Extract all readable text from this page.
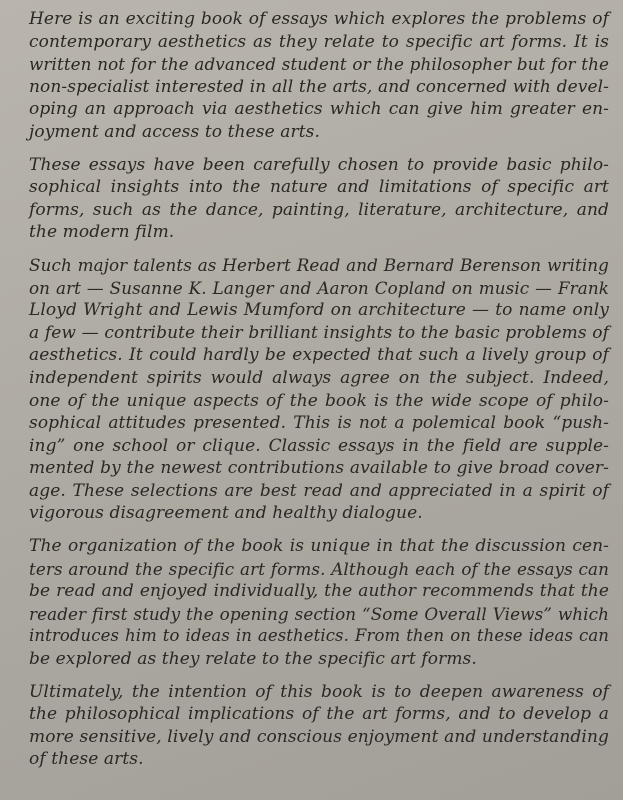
Here is an exciting book of essays which explores the problems of
contemporary aesthetics as they relate to specific art forms. It is
written not for the advanced student or the philosopher but for the
non-specialist interested in all the arts, and concerned with devel-
oping an approach via aesthetics which can give him greater en-
joyment and access to these arts.

These essays have been carefully chosen to provide basic philo-
sophical insights into the nature and limitations of specific art
forms, such as the dance, painting, literature, architecture, and
the modern film.

Such major talents as Herbert Read and Bernard Berenson writing
on art — Susanne K. Langer and Aaron Copland on music — Frank
Lloyd Wright and Lewis Mumford on architecture — to name only
a few — contribute their brilliant insights to the basic problems of
aesthetics. It could hardly be expected that such a lively group of
independent spirits would always agree on the subject. Indeed,
one of the unique aspects of the book is the wide scope of philo-
sophical attitudes presented. This is not a polemical book “push-
ing” one school or clique. Classic essays in the field are supple-
mented by the newest contributions available to give broad cover-
age. These selections are best read and appreciated in a spirit of
vigorous disagreement and healthy dialogue.

The organization of the book is unique in that the discussion cen-
ters around the specific art forms. Although each of the essays can
be read and enjoyed individually, the author recommends that the
reader first study the opening section “Some Overall Views” which
introduces him to ideas in aesthetics. From then on these ideas can
be explored as they relate to the specific art forms.

Ultimately, the intention of this book is to deepen awareness of
the philosophical implications of the art forms, and to develop a
more sensitive, lively and conscious enjoyment and understanding
of these arts.
